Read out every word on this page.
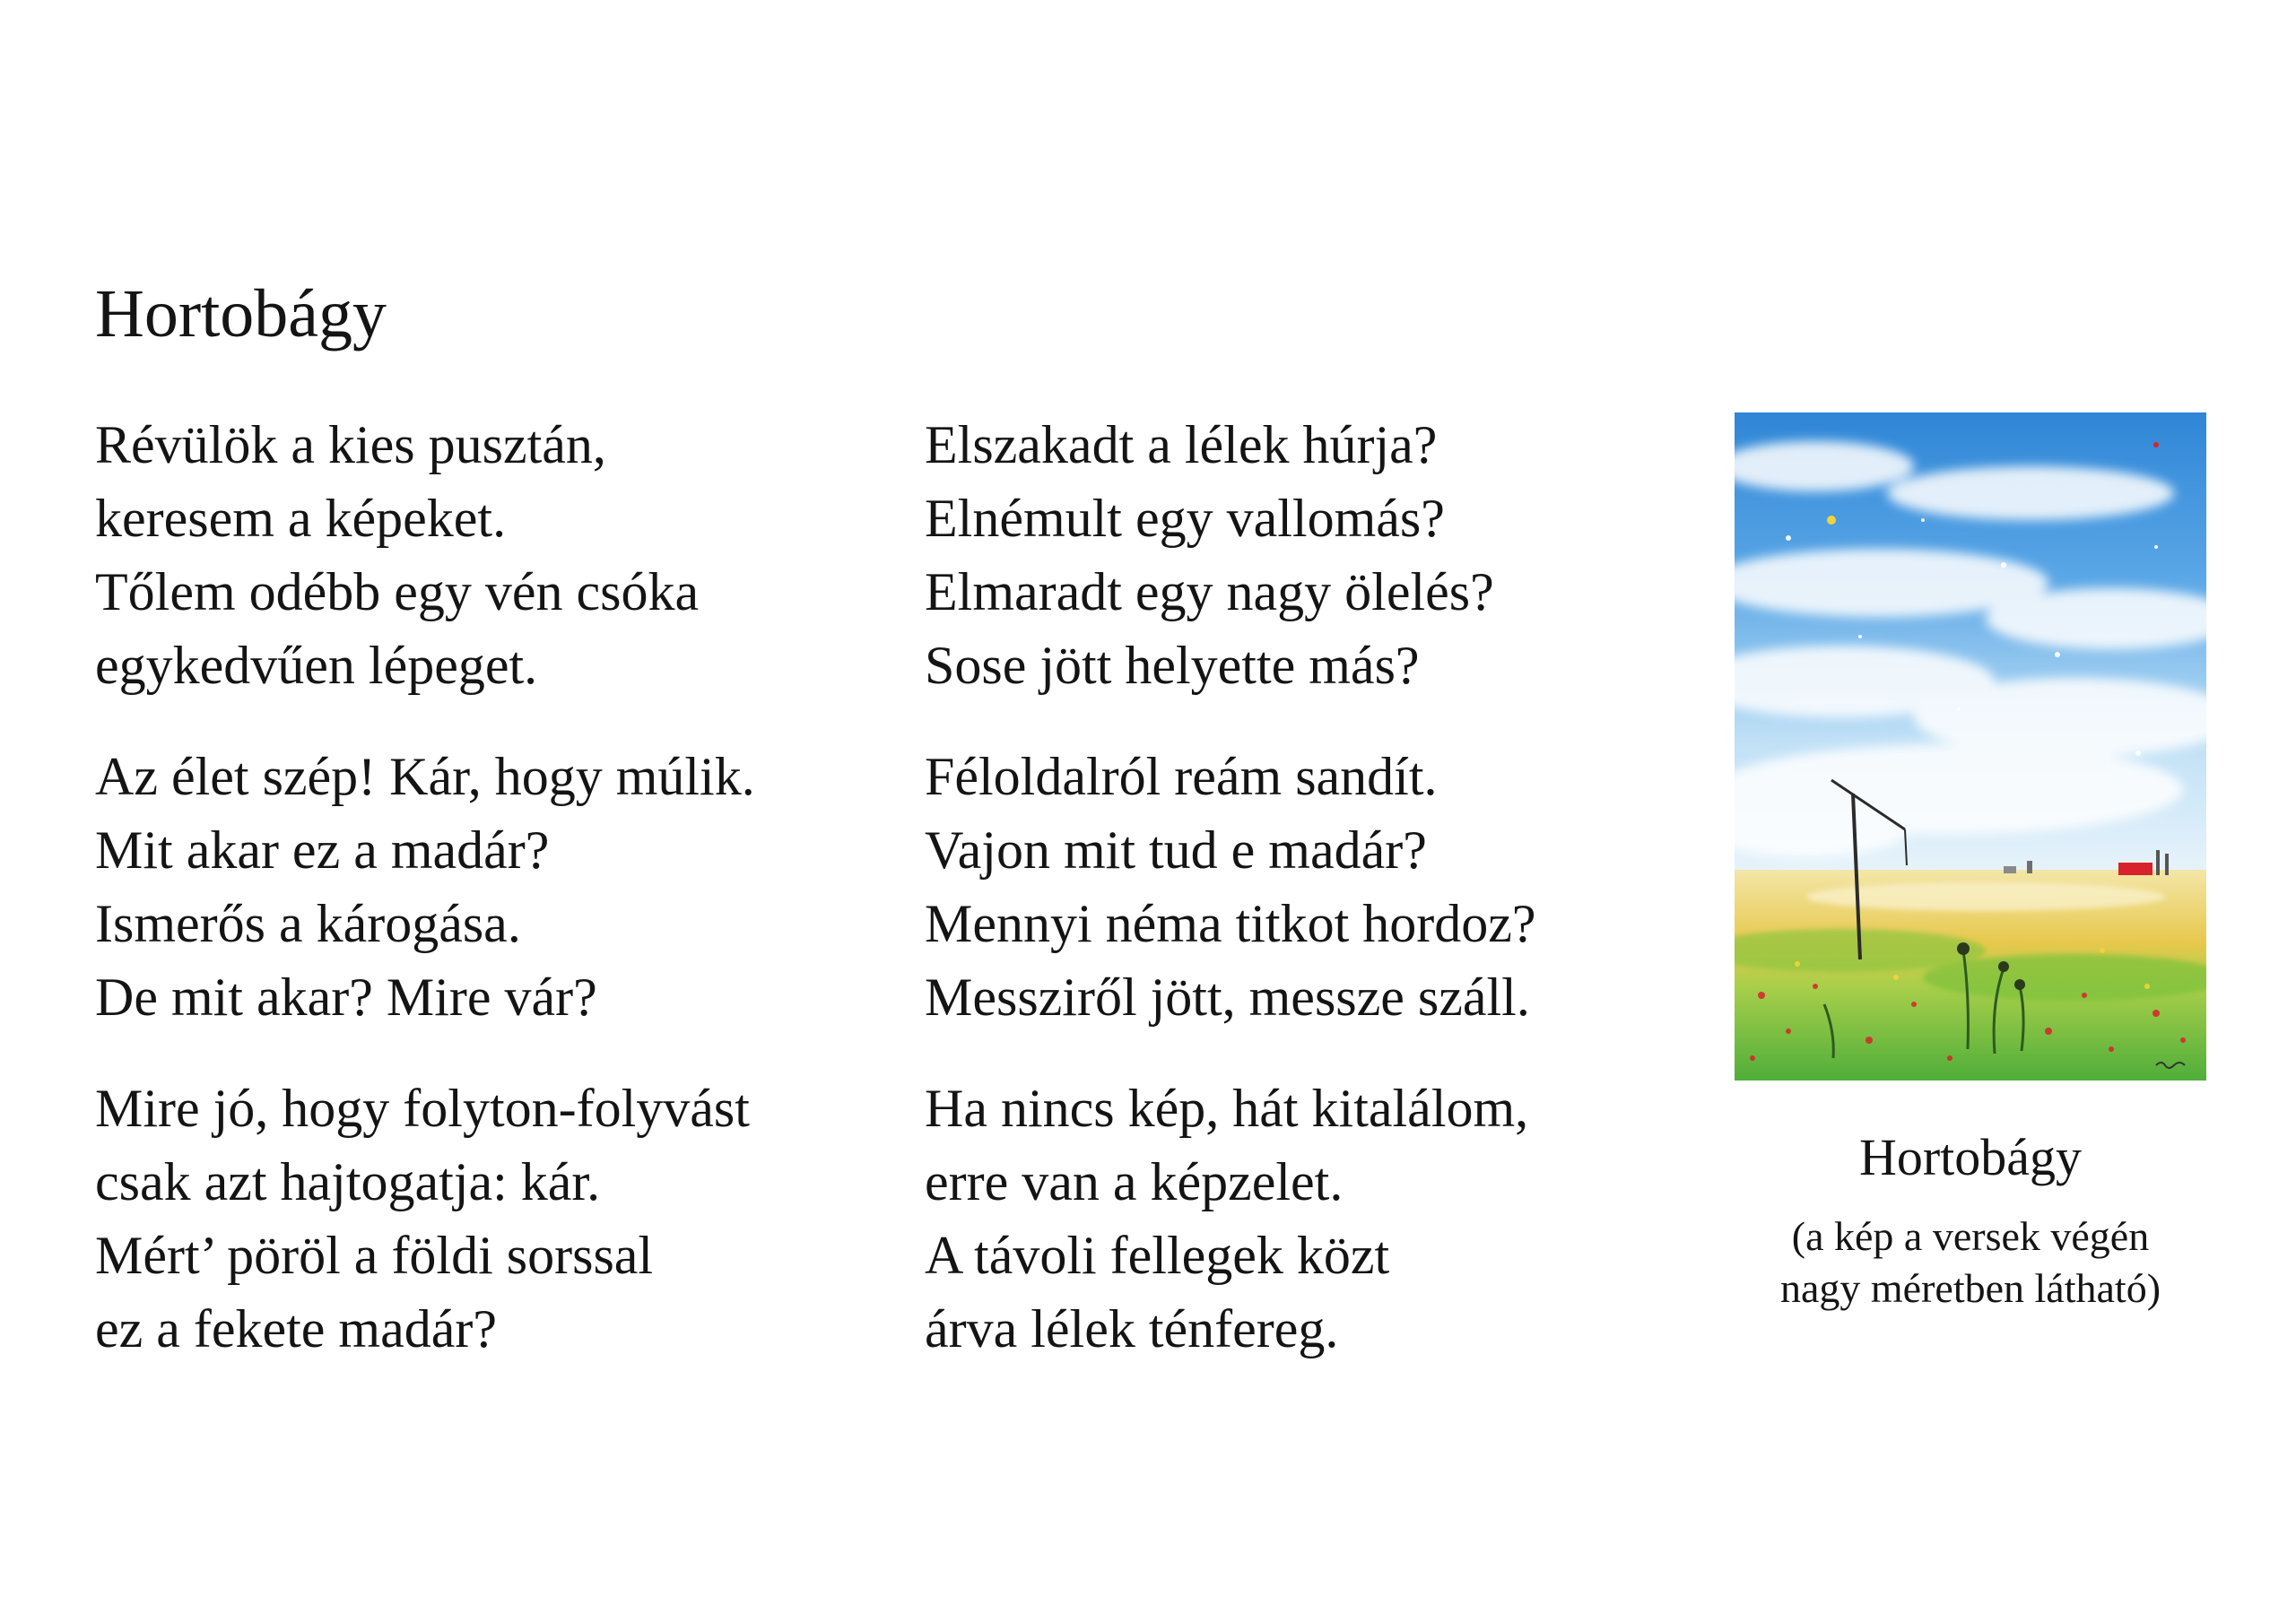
Hortobágy
Révülök a kies pusztán,
keresem a képeket.
Tőlem odébb egy vén csóka
egykedvűen lépeget.
Az élet szép! Kár, hogy múlik.
Mit akar ez a madár?
Ismerős a károgása.
De mit akar? Mire vár?
Mire jó, hogy folyton-folyvást
csak azt hajtogatja: kár.
Mért’ pöröl a földi sorssal
ez a fekete madár?
Elszakadt a lélek húrja?
Elnémult egy vallomás?
Elmaradt egy nagy ölelés?
Sose jött helyette más?
Féloldalról reám sandít.
Vajon mit tud e madár?
Mennyi néma titkot hordoz?
Messziről jött, messze száll.
Ha nincs kép, hát kitalálom,
erre van a képzelet.
A távoli fellegek közt
árva lélek ténfereg.
Hortobágy
(a kép a versek végén
nagy méretben látható)
